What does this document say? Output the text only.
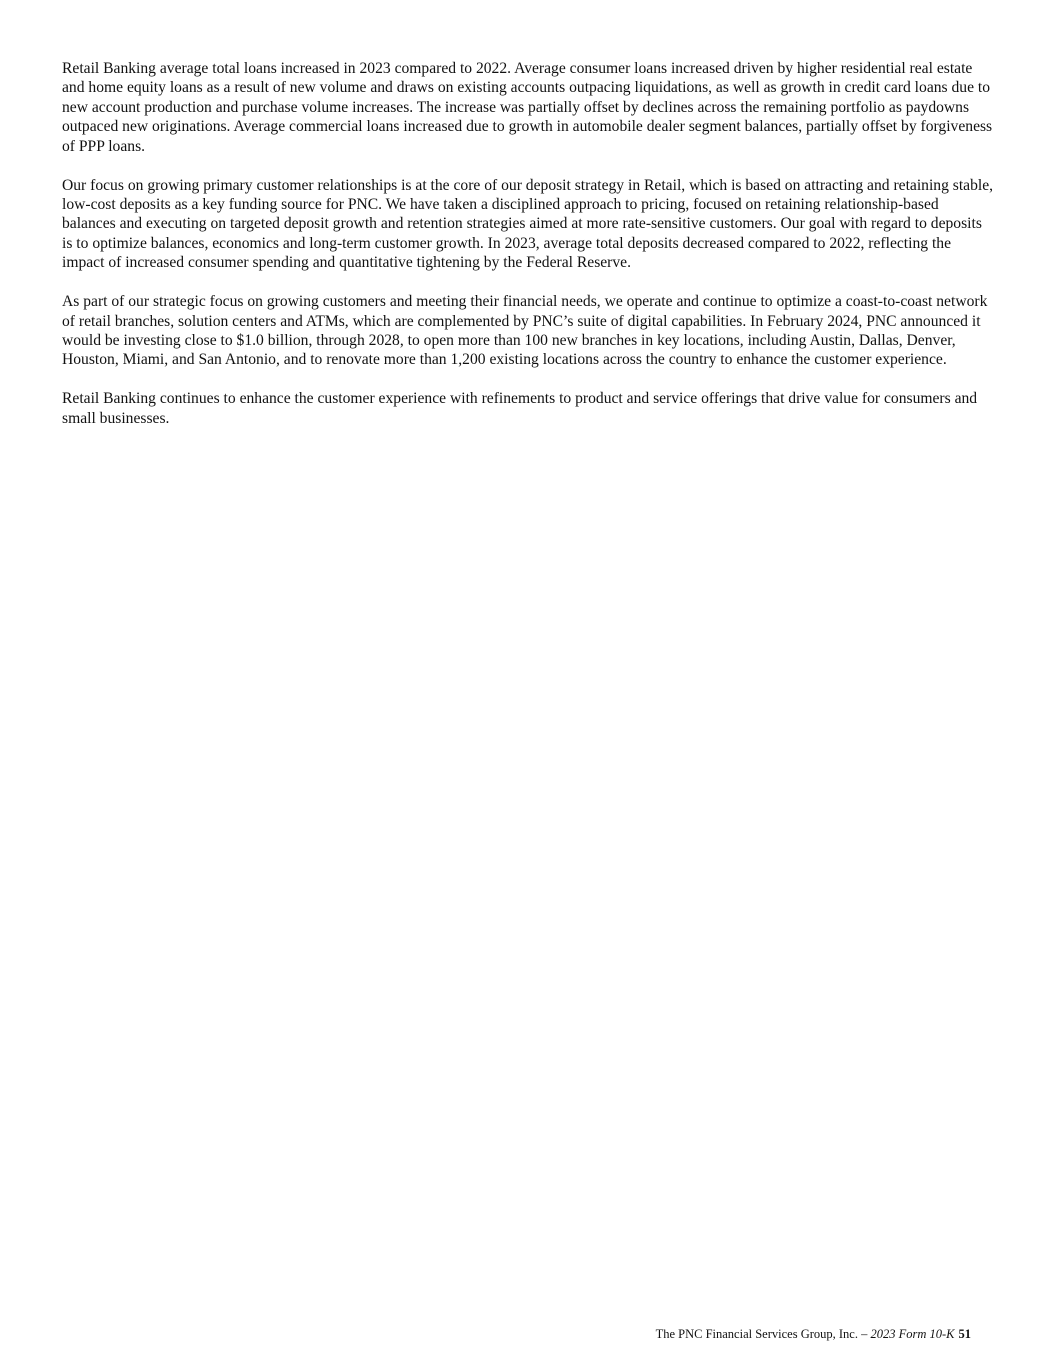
Retail Banking average total loans increased in 2023 compared to 2022. Average consumer loans increased driven by higher residential real estate and home equity loans as a result of new volume and draws on existing accounts outpacing liquidations, as well as growth in credit card loans due to new account production and purchase volume increases. The increase was partially offset by declines across the remaining portfolio as paydowns outpaced new originations. Average commercial loans increased due to growth in automobile dealer segment balances, partially offset by forgiveness of PPP loans.

Our focus on growing primary customer relationships is at the core of our deposit strategy in Retail, which is based on attracting and retaining stable, low-cost deposits as a key funding source for PNC. We have taken a disciplined approach to pricing, focused on retaining relationship-based balances and executing on targeted deposit growth and retention strategies aimed at more rate-sensitive customers. Our goal with regard to deposits is to optimize balances, economics and long-term customer growth. In 2023, average total deposits decreased compared to 2022, reflecting the impact of increased consumer spending and quantitative tightening by the Federal Reserve.

As part of our strategic focus on growing customers and meeting their financial needs, we operate and continue to optimize a coast-to-coast network of retail branches, solution centers and ATMs, which are complemented by PNC’s suite of digital capabilities. In February 2024, PNC announced it would be investing close to $1.0 billion, through 2028, to open more than 100 new branches in key locations, including Austin, Dallas, Denver, Houston, Miami, and San Antonio, and to renovate more than 1,200 existing locations across the country to enhance the customer experience.

Retail Banking continues to enhance the customer experience with refinements to product and service offerings that drive value for consumers and small businesses.

The PNC Financial Services Group, Inc. – 2023 Form 10-K 51
